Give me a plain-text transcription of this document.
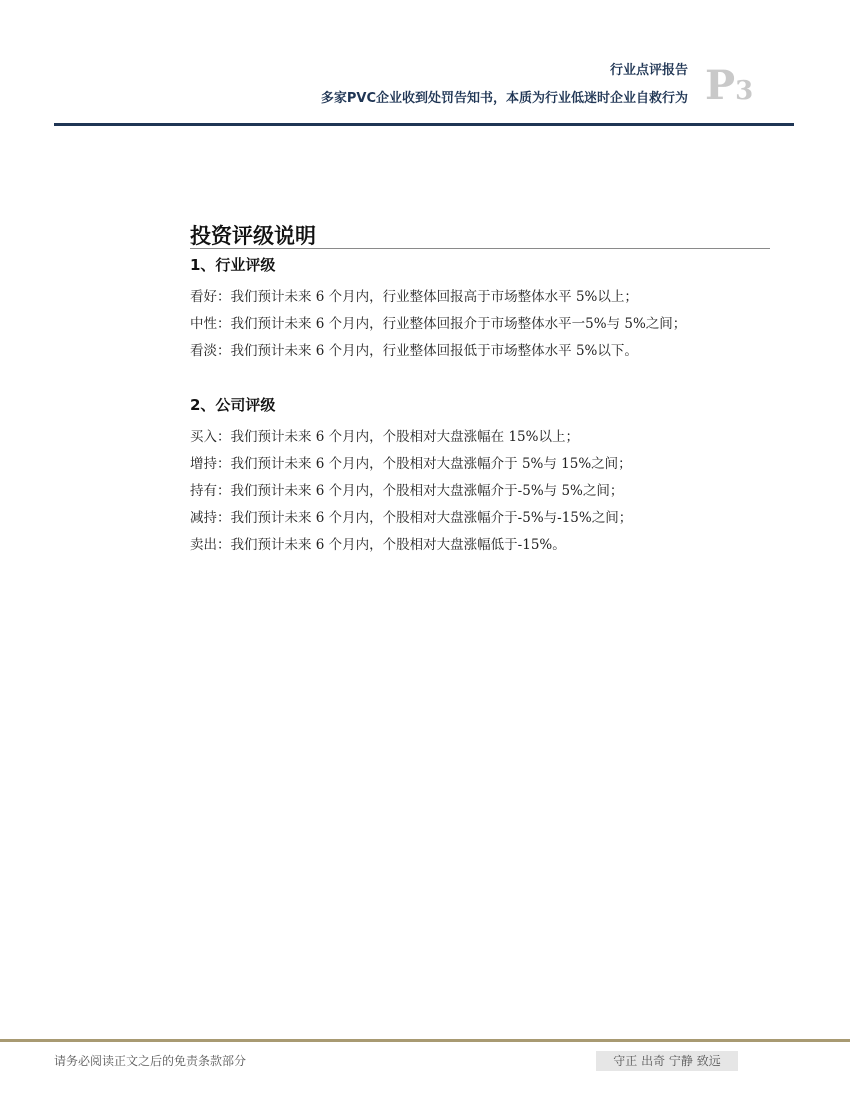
行业点评报告
多家PVC企业收到处罚告知书，本质为行业低迷时企业自救行为 P3
投资评级说明
1、行业评级
看好：我们预计未来 6 个月内，行业整体回报高于市场整体水平 5%以上；
中性：我们预计未来 6 个月内，行业整体回报介于市场整体水平一5%与 5%之间；
看淡：我们预计未来 6 个月内，行业整体回报低于市场整体水平 5%以下。
2、公司评级
买入：我们预计未来 6 个月内，个股相对大盘涨幅在 15%以上；
增持：我们预计未来 6 个月内，个股相对大盘涨幅介于 5%与 15%之间；
持有：我们预计未来 6 个月内，个股相对大盘涨幅介于-5%与 5%之间；
减持：我们预计未来 6 个月内，个股相对大盘涨幅介于-5%与-15%之间；
卖出：我们预计未来 6 个月内，个股相对大盘涨幅低于-15%。
请务必阅读正文之后的免责条款部分	守正 出奇 宁静 致远
